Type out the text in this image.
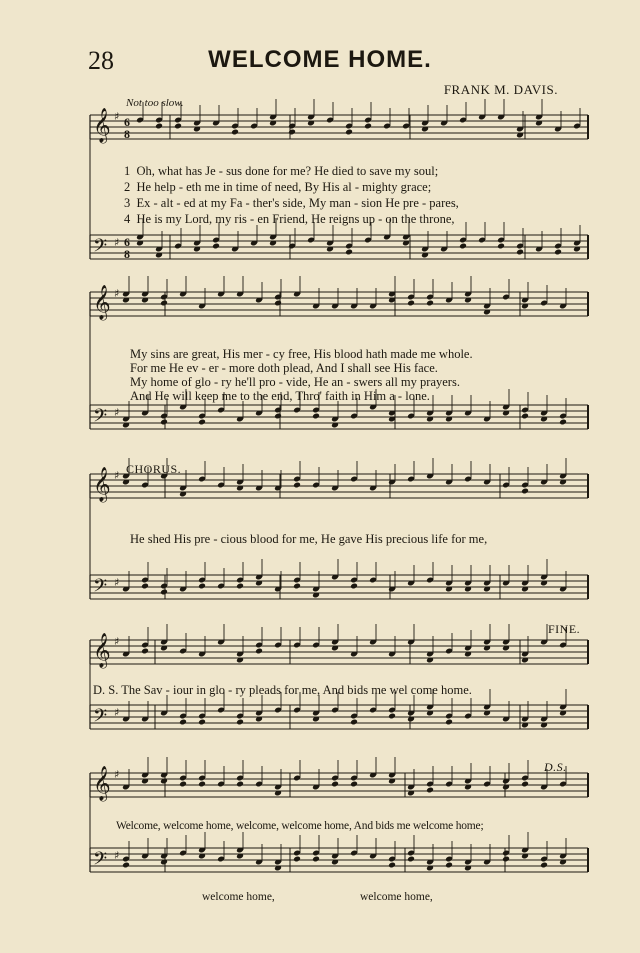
28	WELCOME HOME.
FRANK M. DAVIS.
Not too slow.
𝄞 ♯ 6
8
𝄢 ♯ 6
8
𝄞 ♯
𝄢 ♯
𝄞 ♯
𝄢 ♯
𝄞 ♯
𝄢 ♯
𝄞 ♯
𝄢 ♯
1 Oh, what has Je - sus done for me? He died to save my soul;
2 He help - eth me in time of need, By His al - mighty grace;
3 Ex - alt - ed at my Fa - ther's side, My man - sion He pre - pares,
4 He is my Lord, my ris - en Friend, He reigns up - on the throne,
My sins are great, His mer - cy free, His blood hath made me whole.
For me He ev - er - more doth plead, And I shall see His face.
My home of glo - ry he'll pro - vide, He an - swers all my prayers.
And He will keep me to the end, Thro' faith in Him a - lone.
CHORUS.
He shed His pre - cious blood for me, He gave His precious life for me,
FINE.
D. S. The Sav - iour in glo - ry pleads for me, And bids me wel come home.
D.S.
Welcome, welcome home, welcome, welcome home, And bids me welcome home;
welcome home,	welcome home,
